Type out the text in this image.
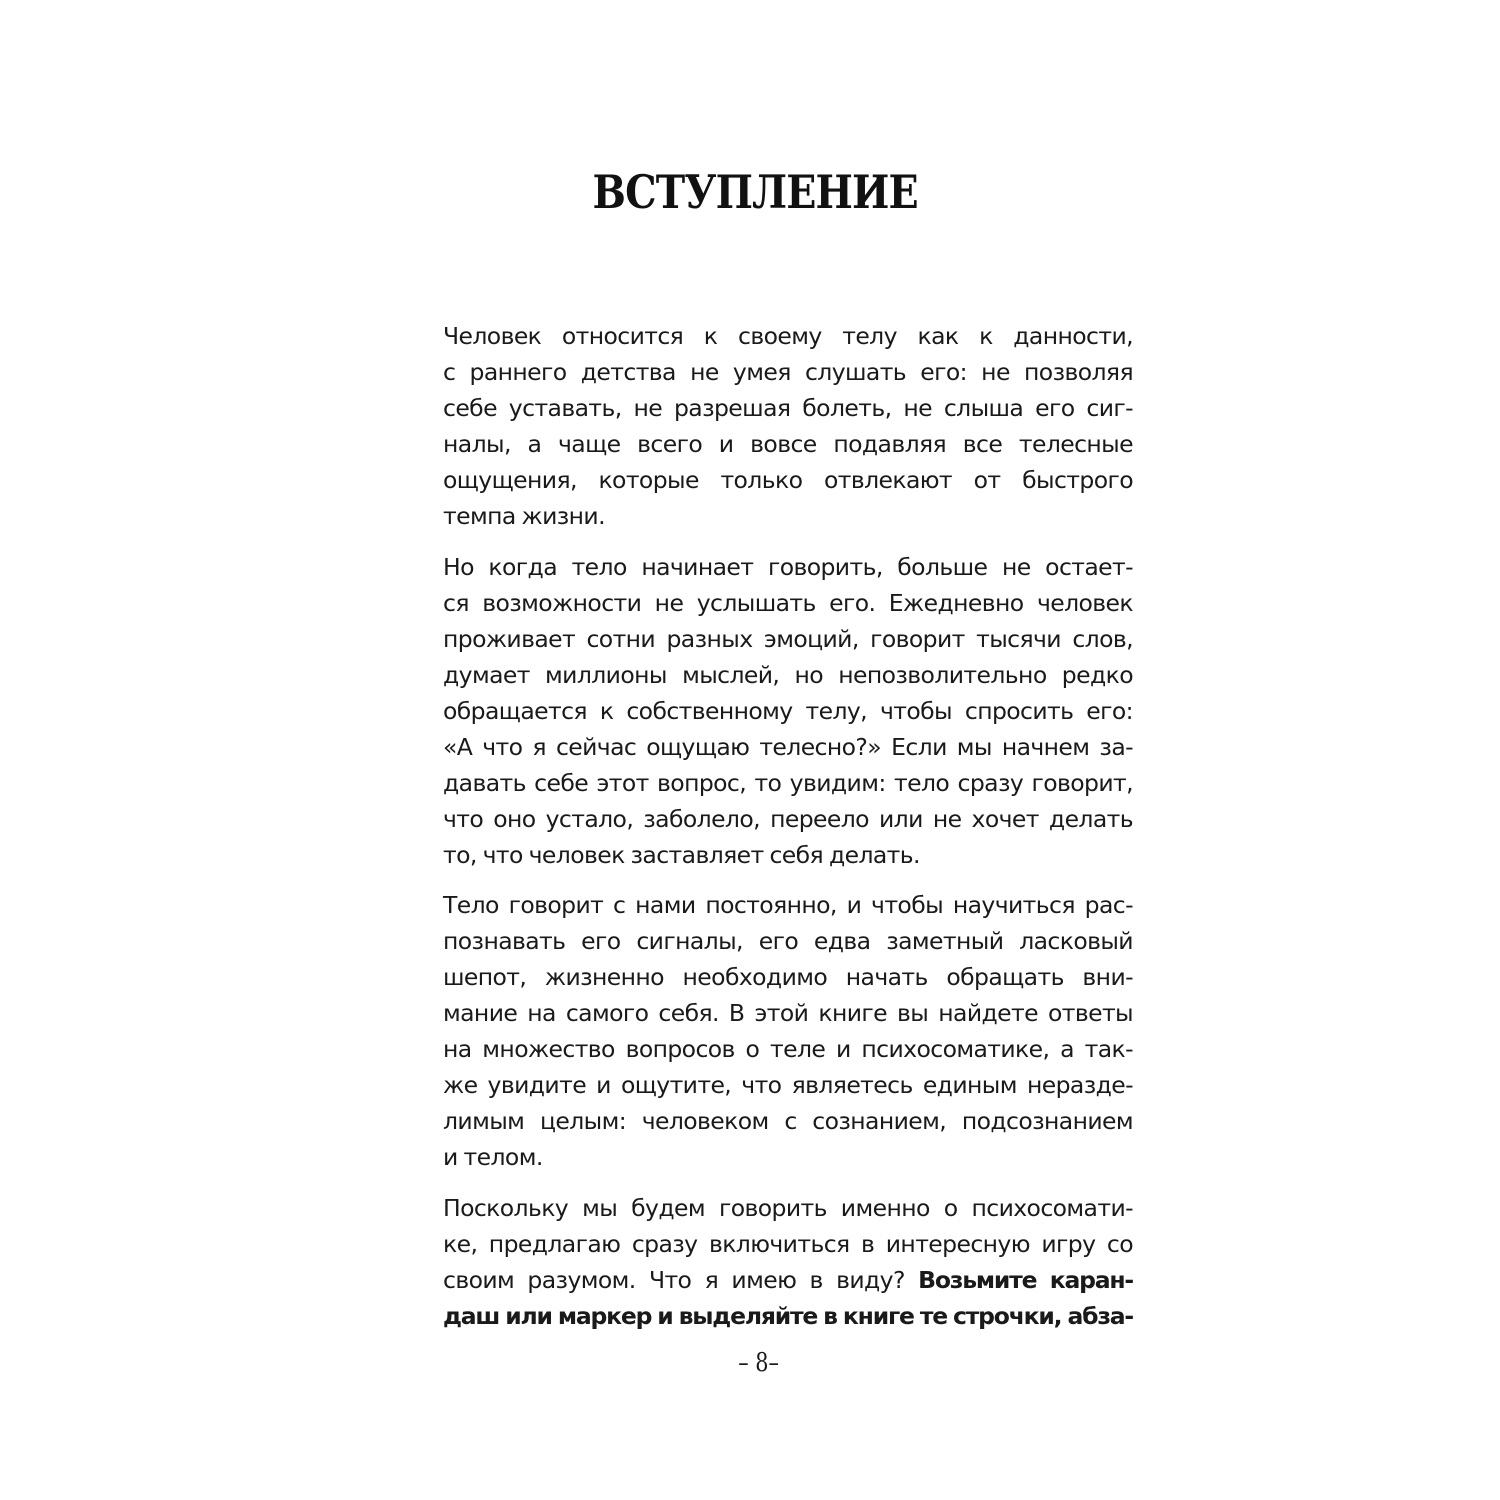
ВСТУПЛЕНИЕ
Человек относится к своему телу как к данности,
с раннего детства не умея слушать его: не позволяя
себе уставать, не разрешая болеть, не слыша его сиг-
налы, а чаще всего и вовсе подавляя все телесные
ощущения, которые только отвлекают от быстрого
темпа жизни.
Но когда тело начинает говорить, больше не остает-
ся возможности не услышать его. Ежедневно человек
проживает сотни разных эмоций, говорит тысячи слов,
думает миллионы мыслей, но непозволительно редко
обращается к собственному телу, чтобы спросить его:
«А что я сейчас ощущаю телесно?» Если мы начнем за-
давать себе этот вопрос, то увидим: тело сразу говорит,
что оно устало, заболело, переело или не хочет делать
то, что человек заставляет себя делать.
Тело говорит с нами постоянно, и чтобы научиться рас-
познавать его сигналы, его едва заметный ласковый
шепот, жизненно необходимо начать обращать вни-
мание на самого себя. В этой книге вы найдете ответы
на множество вопросов о теле и психосоматике, а так-
же увидите и ощутите, что являетесь единым неразде-
лимым целым: человеком с сознанием, подсознанием
и телом.
Поскольку мы будем говорить именно о психосомати-
ке, предлагаю сразу включиться в интересную игру со
своим разумом. Что я имею в виду? Возьмите каран-
даш или маркер и выделяйте в книге те строчки, абза-
– 8–
